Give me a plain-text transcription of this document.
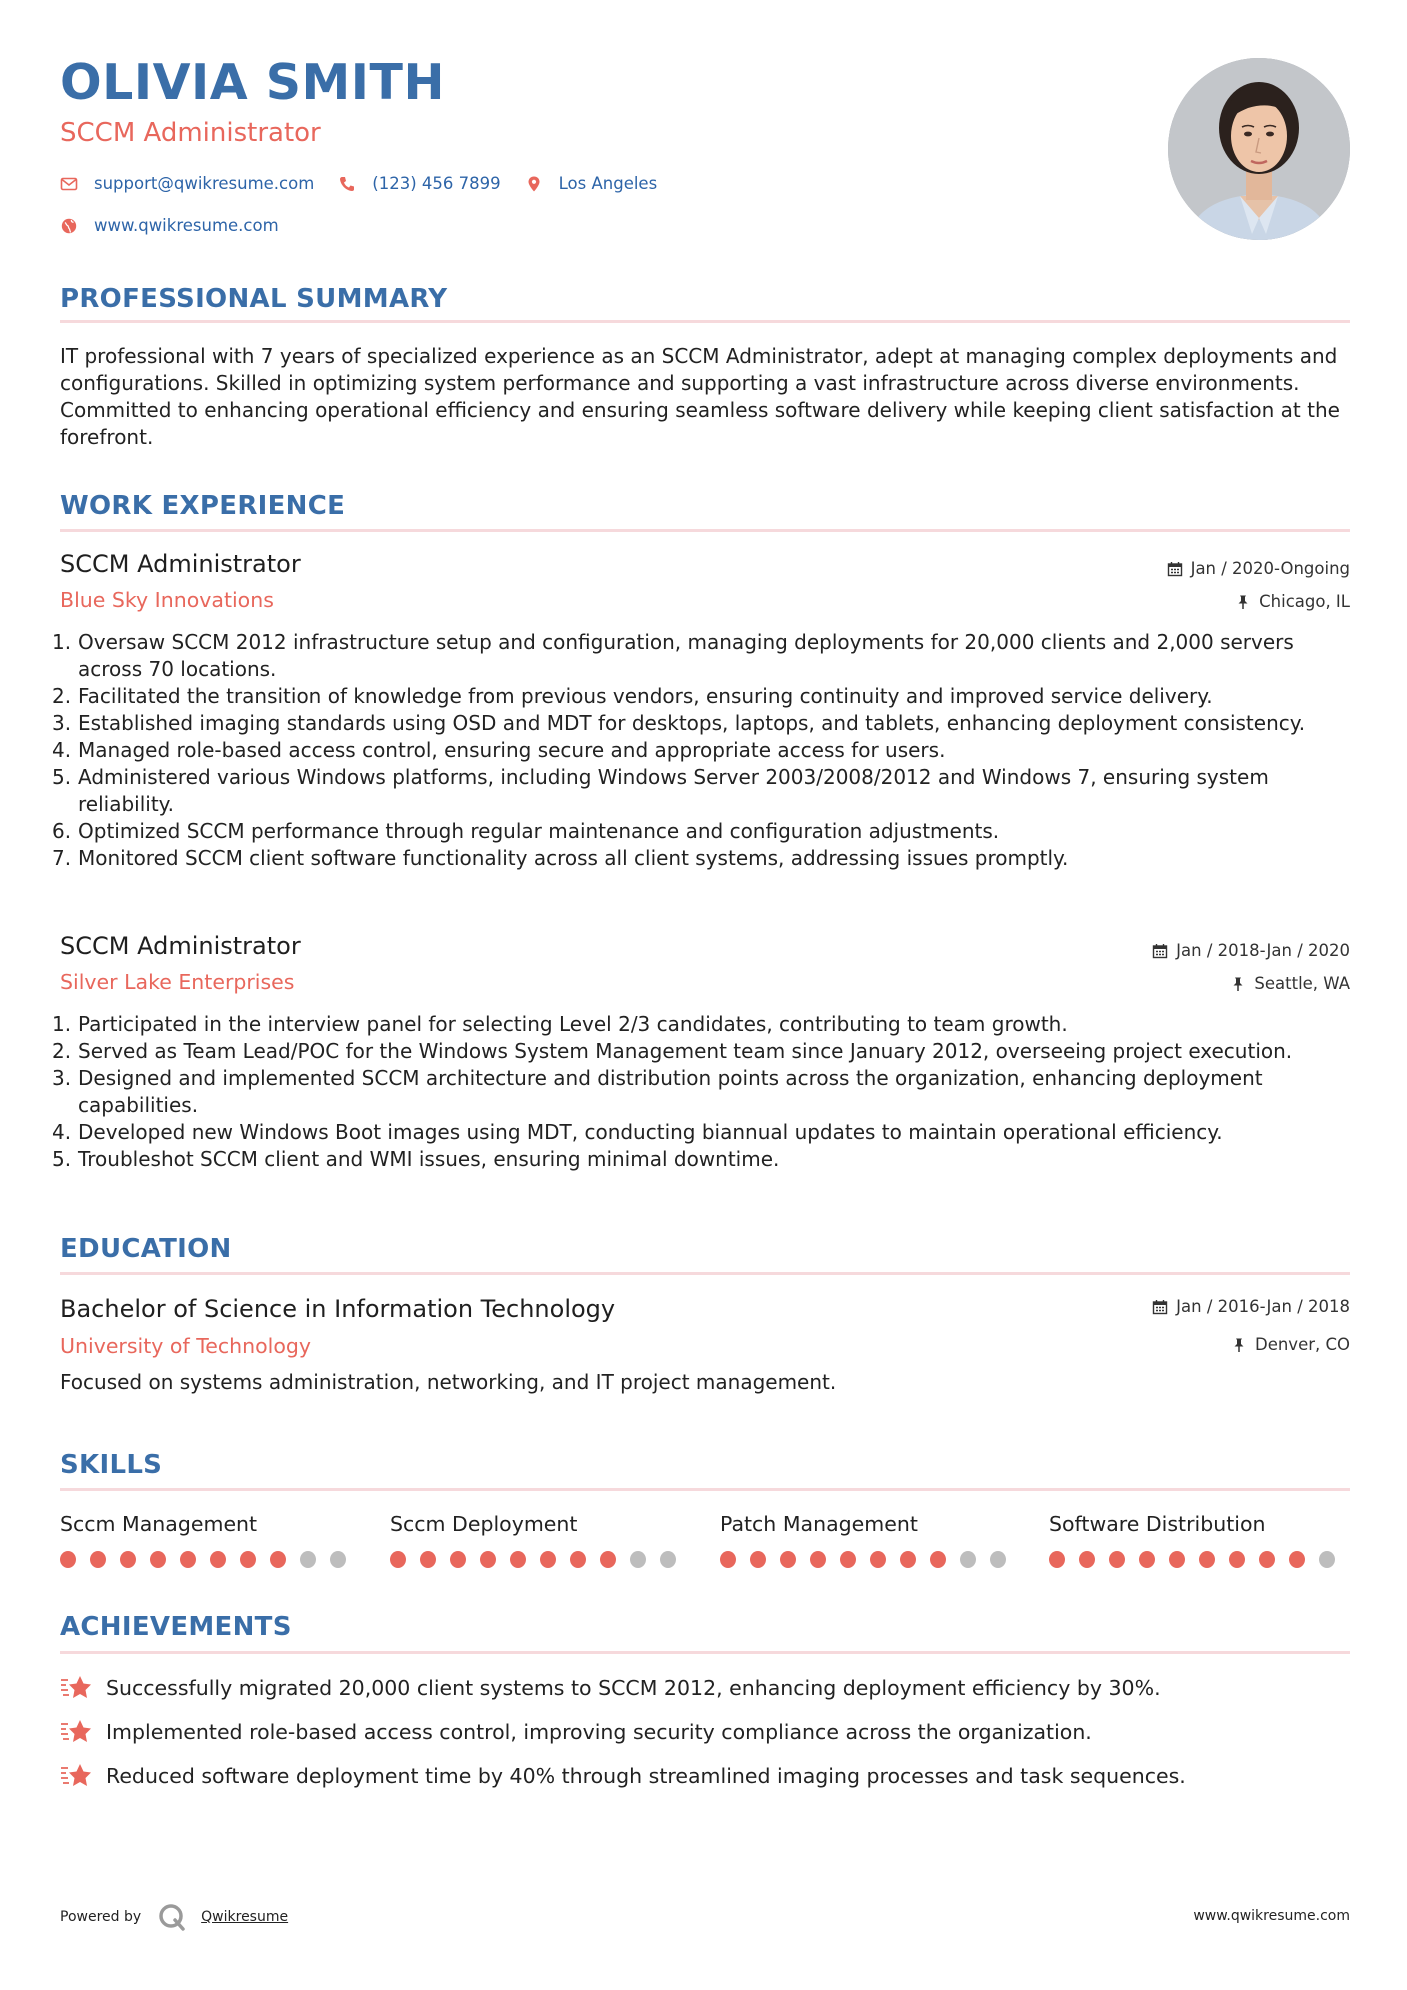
OLIVIA SMITH
SCCM Administrator
support@qwikresume.com	(123) 456 7899	Los Angeles
www.qwikresume.com
PROFESSIONAL SUMMARY
IT professional with 7 years of specialized experience as an SCCM Administrator, adept at managing complex deployments and configurations. Skilled in optimizing system performance and supporting a vast infrastructure across diverse environments. Committed to enhancing operational efficiency and ensuring seamless software delivery while keeping client satisfaction at the forefront.
WORK EXPERIENCE
SCCM Administrator	Jan / 2020-Ongoing
Blue Sky Innovations	Chicago, IL
1. Oversaw SCCM 2012 infrastructure setup and configuration, managing deployments for 20,000 clients and 2,000 servers across 70 locations.
2. Facilitated the transition of knowledge from previous vendors, ensuring continuity and improved service delivery.
3. Established imaging standards using OSD and MDT for desktops, laptops, and tablets, enhancing deployment consistency.
4. Managed role-based access control, ensuring secure and appropriate access for users.
5. Administered various Windows platforms, including Windows Server 2003/2008/2012 and Windows 7, ensuring system reliability.
6. Optimized SCCM performance through regular maintenance and configuration adjustments.
7. Monitored SCCM client software functionality across all client systems, addressing issues promptly.
SCCM Administrator	Jan / 2018-Jan / 2020
Silver Lake Enterprises	Seattle, WA
1. Participated in the interview panel for selecting Level 2/3 candidates, contributing to team growth.
2. Served as Team Lead/POC for the Windows System Management team since January 2012, overseeing project execution.
3. Designed and implemented SCCM architecture and distribution points across the organization, enhancing deployment capabilities.
4. Developed new Windows Boot images using MDT, conducting biannual updates to maintain operational efficiency.
5. Troubleshot SCCM client and WMI issues, ensuring minimal downtime.
EDUCATION
Bachelor of Science in Information Technology	Jan / 2016-Jan / 2018
University of Technology	Denver, CO
Focused on systems administration, networking, and IT project management.
SKILLS
Sccm Management	Sccm Deployment	Patch Management	Software Distribution
ACHIEVEMENTS
Successfully migrated 20,000 client systems to SCCM 2012, enhancing deployment efficiency by 30%.
Implemented role-based access control, improving security compliance across the organization.
Reduced software deployment time by 40% through streamlined imaging processes and task sequences.
Powered by	Qwikresume	www.qwikresume.com
